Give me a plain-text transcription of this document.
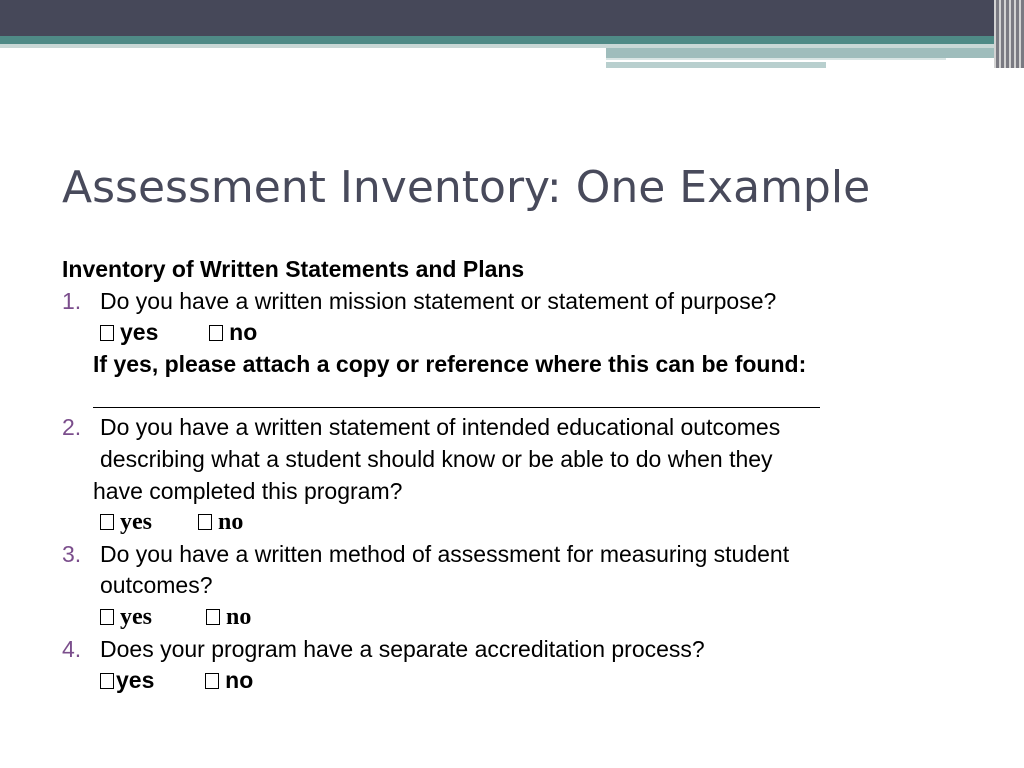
Assessment Inventory: One Example
Inventory of Written Statements and Plans
1. Do you have a written mission statement or statement of purpose?
yes	no
If yes, please attach a copy or reference where this can be found:
2. Do you have a written statement of intended educational outcomes
describing what a student should know or be able to do when they
have completed this program?
yes	no
3. Do you have a written method of assessment for measuring student
outcomes?
yes	no
4. Does your program have a separate accreditation process?
yes	no
